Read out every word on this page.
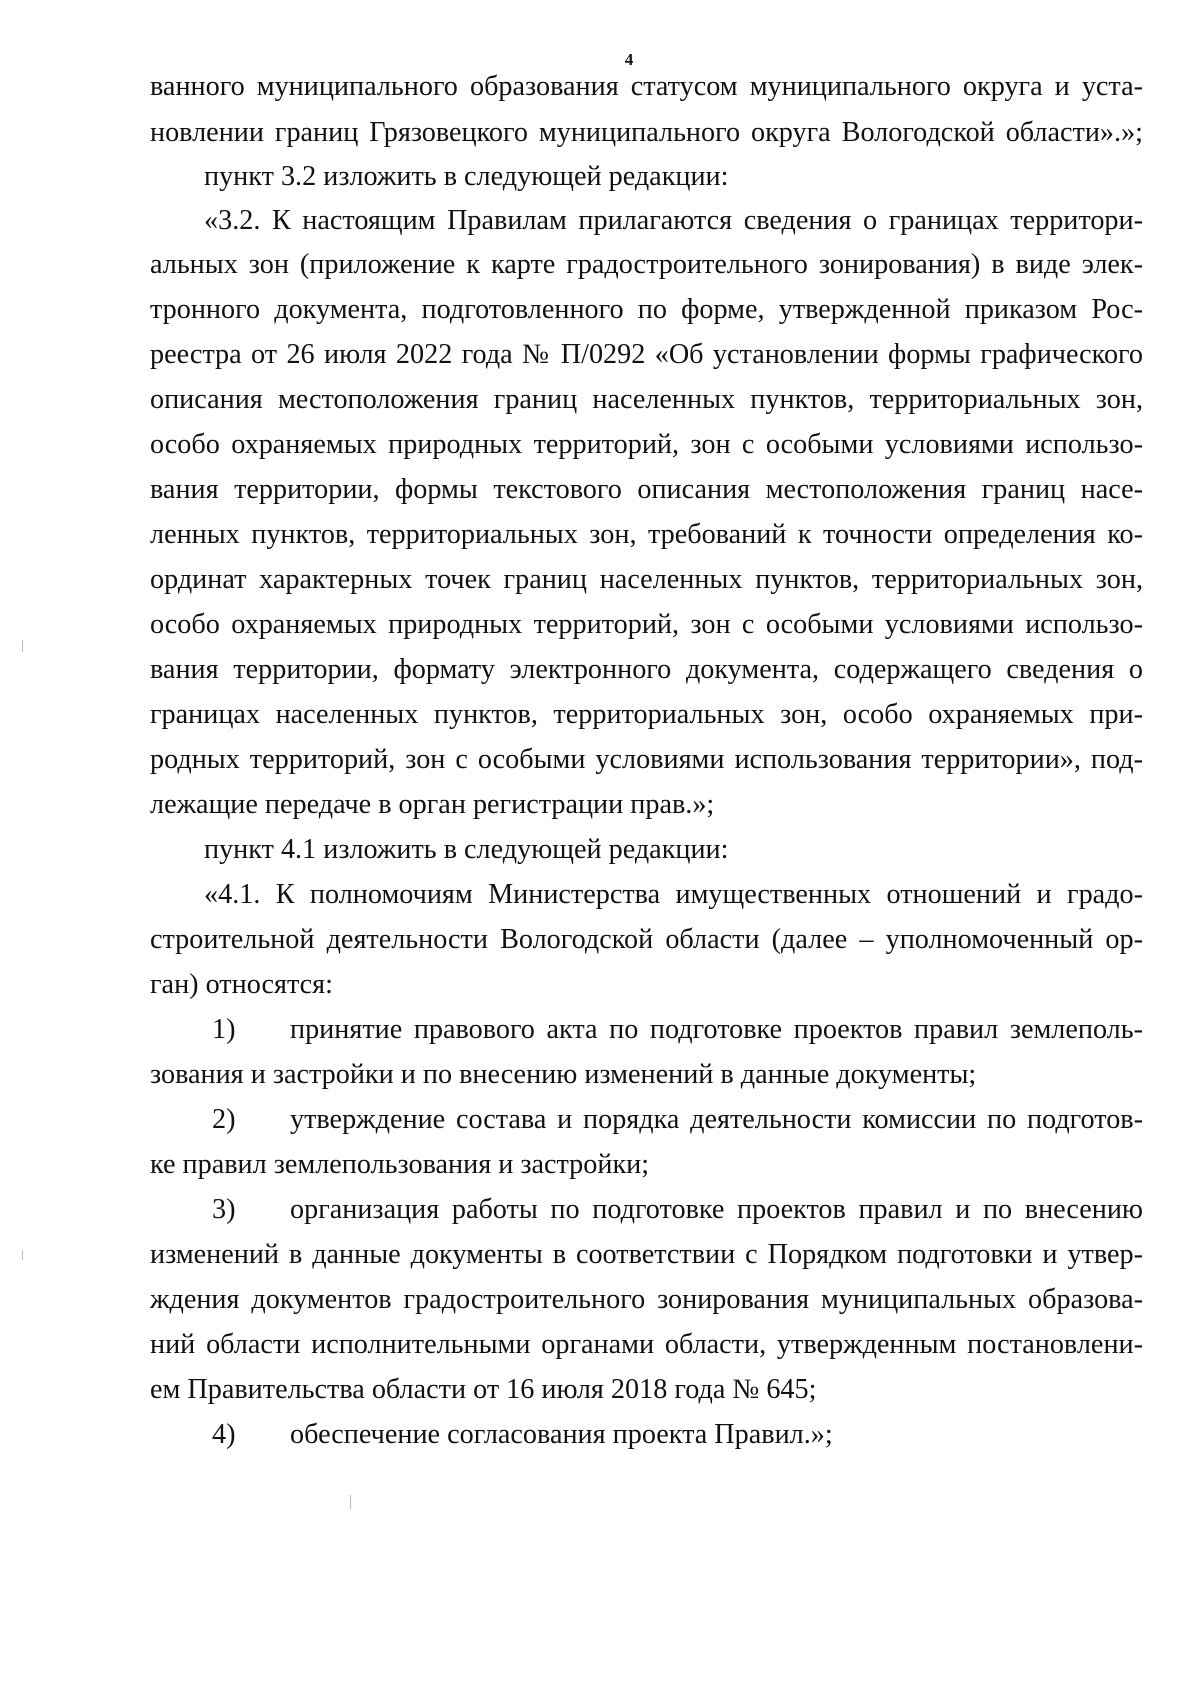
4
ванного муниципального образования статусом муниципального округа и уста-
новлении границ Грязовецкого муниципального округа Вологодской области».»;
пункт 3.2 изложить в следующей редакции:
«3.2. К настоящим Правилам прилагаются сведения о границах территори-
альных зон (приложение к карте градостроительного зонирования) в виде элек-
тронного документа, подготовленного по форме, утвержденной приказом Рос-
реестра от 26 июля 2022 года № П/0292 «Об установлении формы графического
описания местоположения границ населенных пунктов, территориальных зон,
особо охраняемых природных территорий, зон с особыми условиями использо-
вания территории, формы текстового описания местоположения границ насе-
ленных пунктов, территориальных зон, требований к точности определения ко-
ординат характерных точек границ населенных пунктов, территориальных зон,
особо охраняемых природных территорий, зон с особыми условиями использо-
вания территории, формату электронного документа, содержащего сведения о
границах населенных пунктов, территориальных зон, особо охраняемых при-
родных территорий, зон с особыми условиями использования территории», под-
лежащие передаче в орган регистрации прав.»;
пункт 4.1 изложить в следующей редакции:
«4.1. К полномочиям Министерства имущественных отношений и градо-
строительной деятельности Вологодской области (далее – уполномоченный ор-
ган) относятся:
1) принятие правового акта по подготовке проектов правил землеполь-
зования и застройки и по внесению изменений в данные документы;
2) утверждение состава и порядка деятельности комиссии по подготов-
ке правил землепользования и застройки;
3) организация работы по подготовке проектов правил и по внесению
изменений в данные документы в соответствии с Порядком подготовки и утвер-
ждения документов градостроительного зонирования муниципальных образова-
ний области исполнительными органами области, утвержденным постановлени-
ем Правительства области от 16 июля 2018 года № 645;
4) обеспечение согласования проекта Правил.»;
